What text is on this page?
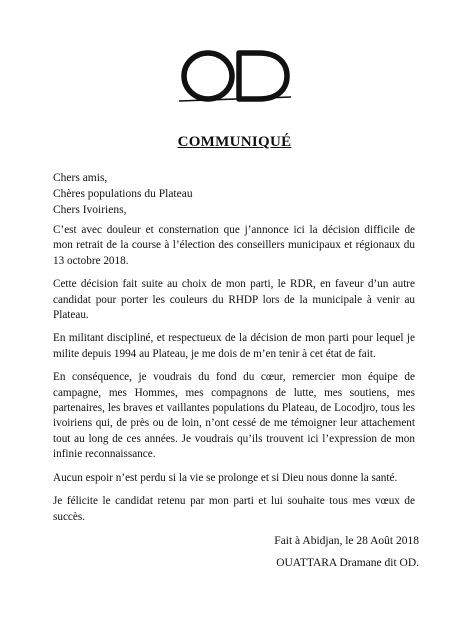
COMMUNIQUÉ
Chers amis,
Chères populations du Plateau
Chers Ivoiriens,

C’est avec douleur et consternation que j’annonce ici la décision difficile de mon retrait de la course à l’élection des conseillers municipaux et régionaux du 13 octobre 2018.

Cette décision fait suite au choix de mon parti, le RDR, en faveur d’un autre candidat pour porter les couleurs du RHDP lors de la municipale à venir au Plateau.

En militant discipliné, et respectueux de la décision de mon parti pour lequel je milite depuis 1994 au Plateau, je me dois de m’en tenir à cet état de fait.

En conséquence, je voudrais du fond du cœur, remercier mon équipe de campagne, mes Hommes, mes compagnons de lutte, mes soutiens, mes partenaires, les braves et vaillantes populations du Plateau, de Locodjro, tous les ivoiriens qui, de près ou de loin, n’ont cessé de me témoigner leur attachement tout au long de ces années. Je voudrais qu’ils trouvent ici l’expression de mon infinie reconnaissance.

Aucun espoir n’est perdu si la vie se prolonge et si Dieu nous donne la santé.

Je félicite le candidat retenu par mon parti et lui souhaite tous mes vœux de succès.

Fait à Abidjan, le 28 Août 2018
OUATTARA Dramane dit OD.
